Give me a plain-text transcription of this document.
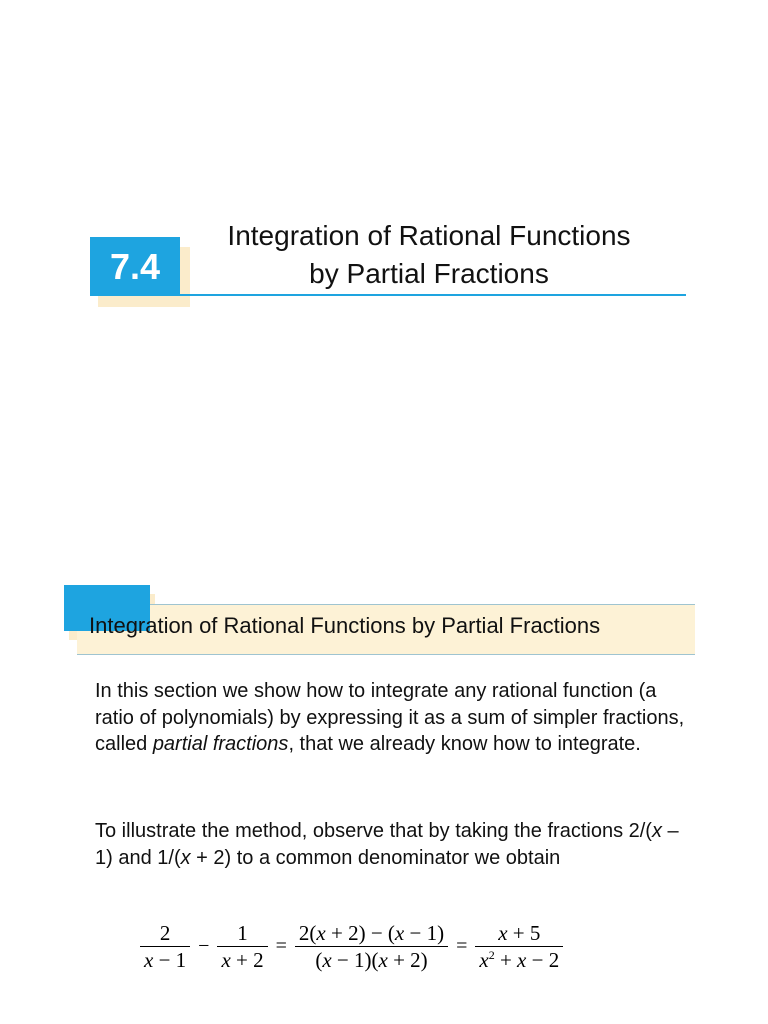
7.4
Integration of Rational Functions
by Partial Fractions
Integration of Rational Functions by Partial Fractions
In this section we show how to integrate any rational function (a ratio of polynomials) by expressing it as a sum of simpler fractions, called partial fractions, that we already know how to integrate.
To illustrate the method, observe that by taking the fractions 2/(x – 1) and 1/(x + 2) to a common denominator we obtain
$\frac{2}{x - 1} - \frac{1}{x + 2} = \frac{2(x + 2) - (x - 1)}{(x - 1)(x + 2)} = \frac{x + 5}{x^2 + x - 2}$
